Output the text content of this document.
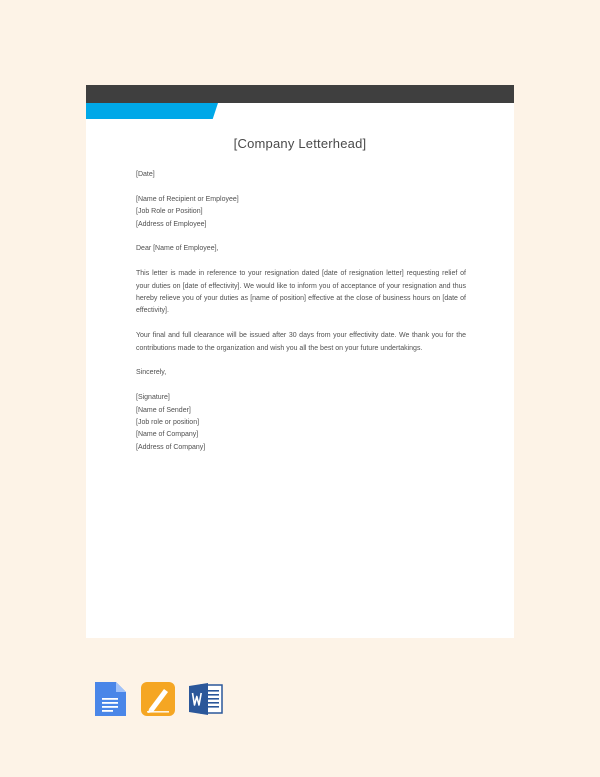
[Company Letterhead]
[Date]
[Name of Recipient or Employee]
[Job Role or Position]
[Address of Employee]
Dear [Name of Employee],
This letter is made in reference to your resignation dated [date of resignation letter] requesting relief of your duties on [date of effectivity]. We would like to inform you of acceptance of your resignation and thus hereby relieve you of your duties as [name of position] effective at the close of business hours on [date of effectivity].
Your final and full clearance will be issued after 30 days from your effectivity date. We thank you for the contributions made to the organization and wish you all the best on your future undertakings.
Sincerely,
[Signature]
[Name of Sender]
[Job role or position]
[Name of Company]
[Address of Company]
